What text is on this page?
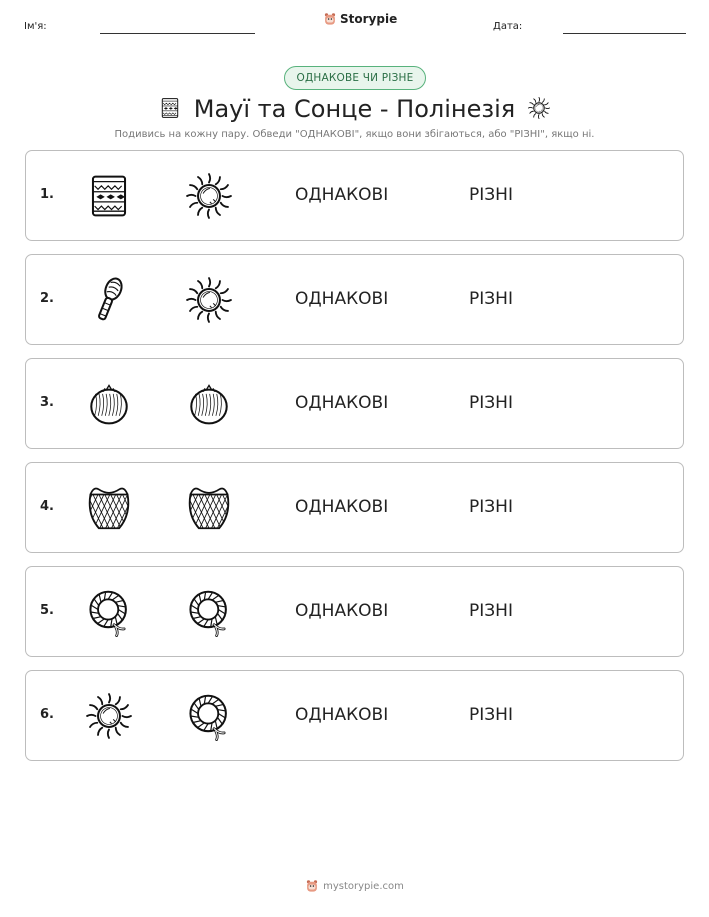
Ім'я:
Storypie
Дата:
ОДНАКОВЕ ЧИ РІЗНЕ
Мауї та Сонце - Полінезія
Подивись на кожну пару. Обведи "ОДНАКОВІ", якщо вони збігаються, або "РІЗНІ", якщо ні.
1.	ОДНАКОВІ	РІЗНІ
2.	ОДНАКОВІ	РІЗНІ
3.	ОДНАКОВІ	РІЗНІ
4.	ОДНАКОВІ	РІЗНІ
5.	ОДНАКОВІ	РІЗНІ
6.	ОДНАКОВІ	РІЗНІ
mystorypie.com
